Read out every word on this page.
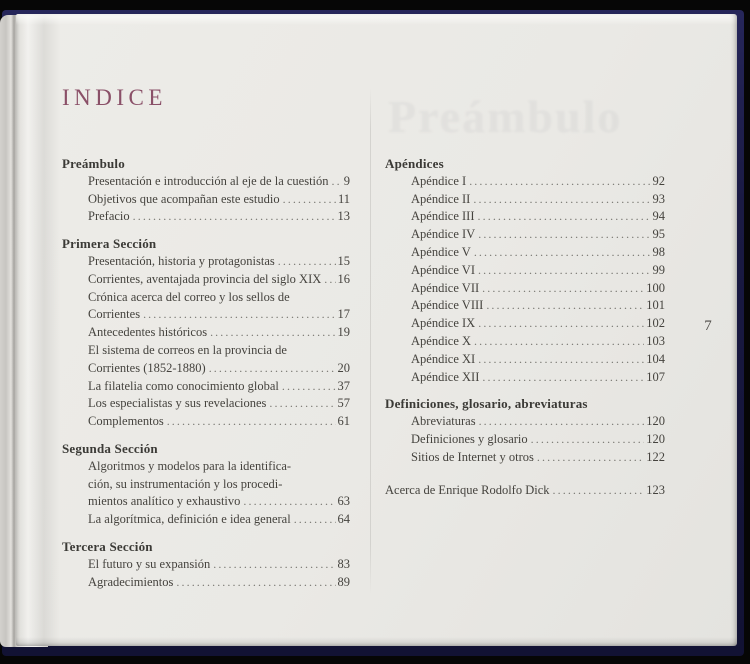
Preámbulo
INDICE
Preámbulo
Presentación e introducción al eje de la cuestión ..... 9
Objetivos que acompañan este estudio .....	11
Prefacio .....	13
Primera Sección
Presentación, historia y protagonistas .....	15
Corrientes, aventajada provincia del siglo XIX ..... 16
Crónica acerca del correo y los sellos de
Corrientes .....	17
Antecedentes históricos .....	19
El sistema de correos en la provincia de
Corrientes (1852-1880) .....	20
La filatelia como conocimiento global .....	37
Los especialistas y sus revelaciones .....	57
Complementos .....	61
Segunda Sección
Algoritmos y modelos para la identifica-
ción, su instrumentación y los procedi-
mientos analítico y exhaustivo .....	63
La algorítmica, definición e idea general .....	64
Tercera Sección
El futuro y su expansión .....	83
Agradecimientos .....	89
Apéndices
Apéndice I .....	92
Apéndice II .....	93
Apéndice III .....	94
Apéndice IV .....	95
Apéndice V .....	98
Apéndice VI .....	99
Apéndice VII .....	100
Apéndice VIII .....	101
Apéndice IX .....	102
Apéndice X .....	103
Apéndice XI .....	104
Apéndice XII .....	107
Definiciones, glosario, abreviaturas
Abreviaturas .....	120
Definiciones y glosario .....	120
Sitios de Internet y otros .....	122
Acerca de Enrique Rodolfo Dick .....	123
7
